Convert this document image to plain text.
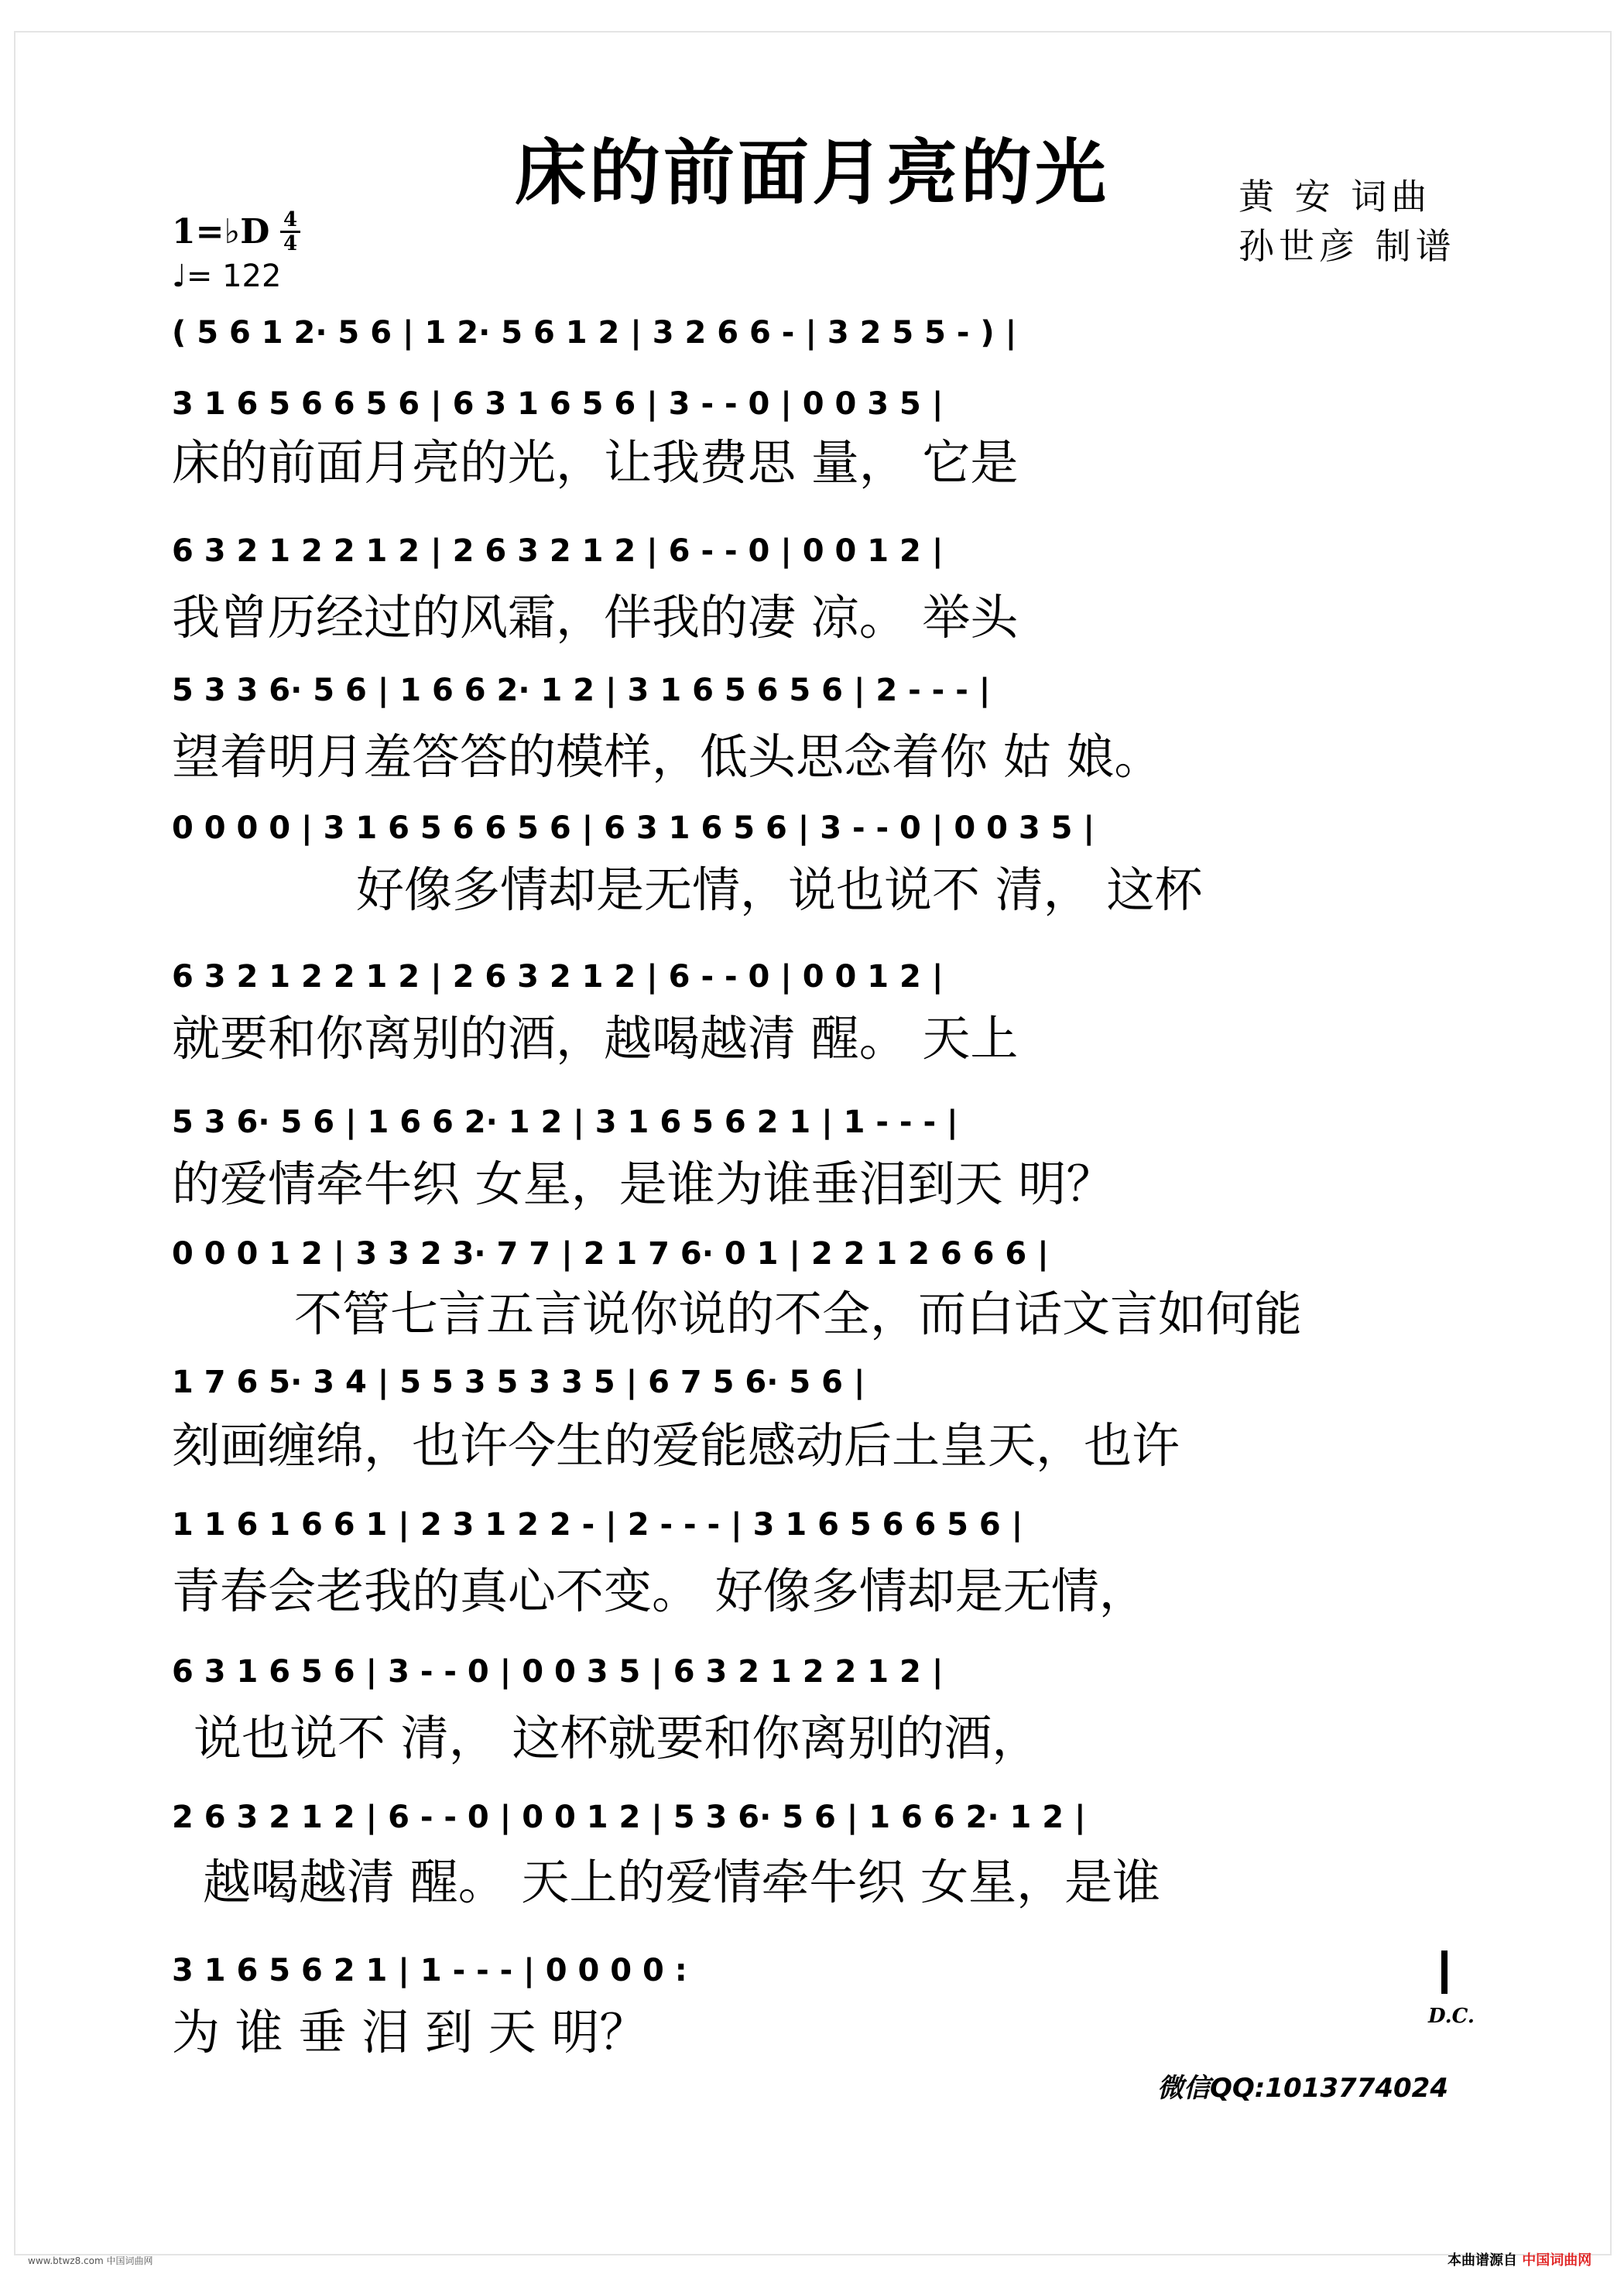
床的前面月亮的光	黄 安 词曲
孙世彦 制谱
1=♭D 4
4
♩= 122
( 5 6 1 2· 5 6 | 1 2· 5 6 1 2 | 3 2 6 6 - | 3 2 5 5 - ) |
3 1 6 5 6 6 5 6 | 6 3 1 6 5 6 | 3 - - 0 | 0 0 3 5 |
床的前面月亮的光，让我费思 量， 它是
6 3 2 1 2 2 1 2 | 2 6 3 2 1 2 | 6 - - 0 | 0 0 1 2 |
我曾历经过的风霜，伴我的凄 凉。 举头
5 3 3 6· 5 6 | 1 6 6 2· 1 2 | 3 1 6 5 6 5 6 | 2 - - - |
望着明月羞答答的模样，低头思念着你 姑 娘。
0 0 0 0 | 3 1 6 5 6 6 5 6 | 6 3 1 6 5 6 | 3 - - 0 | 0 0 3 5 |
好像多情却是无情，说也说不 清， 这杯
6 3 2 1 2 2 1 2 | 2 6 3 2 1 2 | 6 - - 0 | 0 0 1 2 |
就要和你离别的酒，越喝越清 醒。 天上
5 3 6· 5 6 | 1 6 6 2· 1 2 | 3 1 6 5 6 2 1 | 1 - - - |
的爱情牵牛织 女星，是谁为谁垂泪到天 明？
0 0 0 1 2 | 3 3 2 3· 7 7 | 2 1 7 6· 0 1 | 2 2 1 2 6 6 6 |
不管七言五言说你说的不全，而白话文言如何能
1 7 6 5· 3 4 | 5 5 3 5 3 3 5 | 6 7 5 6· 5 6 |
刻画缠绵，也许今生的爱能感动后土皇天，也许
1 1 6 1 6 6 1 | 2 3 1 2 2 - | 2 - - - | 3 1 6 5 6 6 5 6 |
青春会老我的真心不变。 好像多情却是无情，
6 3 1 6 5 6 | 3 - - 0 | 0 0 3 5 | 6 3 2 1 2 2 1 2 |
说也说不 清， 这杯就要和你离别的酒，
2 6 3 2 1 2 | 6 - - 0 | 0 0 1 2 | 5 3 6· 5 6 | 1 6 6 2· 1 2 |
越喝越清 醒。 天上的爱情牵牛织 女星，是谁
3 1 6 5 6 2 1 | 1 - - - | 0 0 0 0 :
为 谁 垂 泪 到 天 明？	D.C.
微信QQ:1013774024
www.btwz8.com 中国词曲网	本曲谱源自 中国词曲网
